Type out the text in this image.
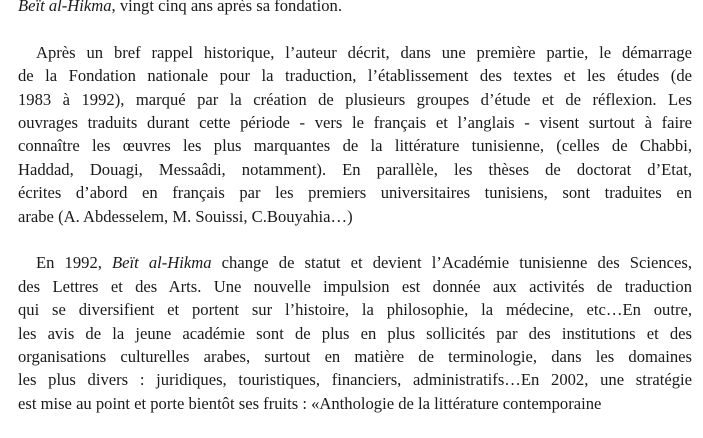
Beït al-Hikma, vingt cinq ans après sa fondation.
Après un bref rappel historique, l’auteur décrit, dans une première partie, le démarrage
de la Fondation nationale pour la traduction, l’établissement des textes et les études (de
1983 à 1992), marqué par la création de plusieurs groupes d’étude et de réflexion. Les
ouvrages traduits durant cette période - vers le français et l’anglais - visent surtout à faire
connaître les œuvres les plus marquantes de la littérature tunisienne, (celles de Chabbi,
Haddad, Douagi, Messaâdi, notamment). En parallèle, les thèses de doctorat d’Etat,
écrites d’abord en français par les premiers universitaires tunisiens, sont traduites en
arabe (A. Abdesselem, M. Souissi, C.Bouyahia…)
En 1992, Beït al-Hikma change de statut et devient l’Académie tunisienne des Sciences,
des Lettres et des Arts. Une nouvelle impulsion est donnée aux activités de traduction
qui se diversifient et portent sur l’histoire, la philosophie, la médecine, etc…En outre,
les avis de la jeune académie sont de plus en plus sollicités par des institutions et des
organisations culturelles arabes, surtout en matière de terminologie, dans les domaines
les plus divers : juridiques, touristiques, financiers, administratifs…En 2002, une stratégie
est mise au point et porte bientôt ses fruits : «Anthologie de la littérature contemporaine
